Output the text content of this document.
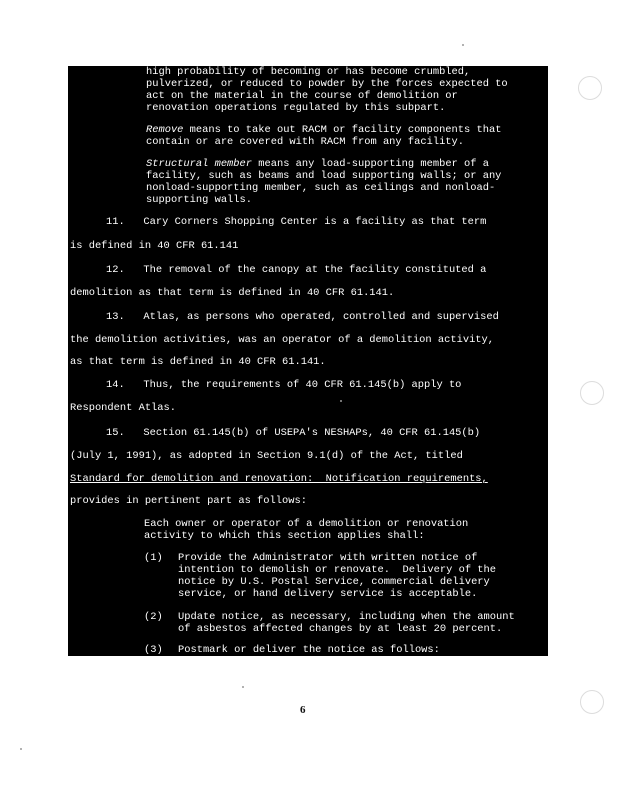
high probability of becoming or has become crumbled,
pulverized, or reduced to powder by the forces expected to
act on the material in the course of demolition or
renovation operations regulated by this subpart.
Remove means to take out RACM or facility components that
contain or are covered with RACM from any facility.
Structural member means any load-supporting member of a
facility, such as beams and load supporting walls; or any
nonload-supporting member, such as ceilings and nonload-
supporting walls.
11.   Cary Corners Shopping Center is a facility as that term
is defined in 40 CFR 61.141
12.   The removal of the canopy at the facility constituted a
demolition as that term is defined in 40 CFR 61.141.
13.   Atlas, as persons who operated, controlled and supervised
the demolition activities, was an operator of a demolition activity,
as that term is defined in 40 CFR 61.141.
14.   Thus, the requirements of 40 CFR 61.145(b) apply to
Respondent Atlas.
15.   Section 61.145(b) of USEPA's NESHAPs, 40 CFR 61.145(b)
(July 1, 1991), as adopted in Section 9.1(d) of the Act, titled
Standard for demolition and renovation:  Notification requirements,
provides in pertinent part as follows:
Each owner or operator of a demolition or renovation
activity to which this section applies shall:
(1) Provide the Administrator with written notice of
intention to demolish or renovate.  Delivery of the
notice by U.S. Postal Service, commercial delivery
service, or hand delivery service is acceptable.
(2) Update notice, as necessary, including when the amount
of asbestos affected changes by at least 20 percent.
(3) Postmark or deliver the notice as follows:
6
